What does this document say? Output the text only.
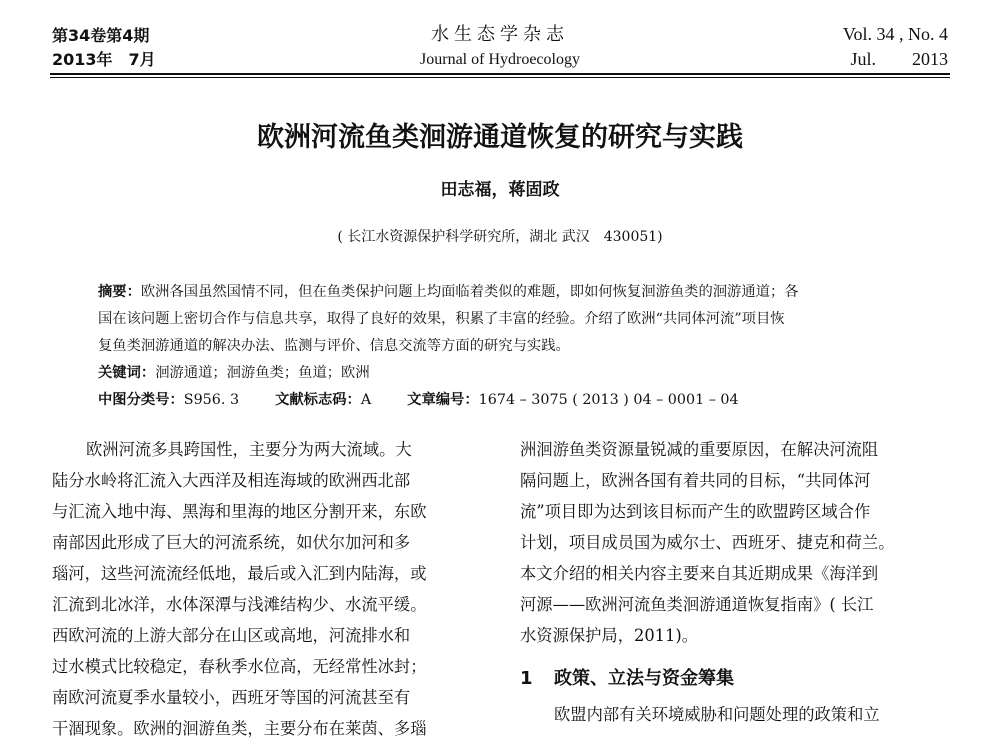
第34卷第4期
2013年　7月
水生态学杂志
Journal of Hydroecology
Vol. 34 , No. 4
Jul.　　2013
欧洲河流鱼类洄游通道恢复的研究与实践
田志福，蒋固政
( 长江水资源保护科学研究所，湖北 武汉　430051)
摘要：欧洲各国虽然国情不同，但在鱼类保护问题上均面临着类似的难题，即如何恢复洄游鱼类的洄游通道；各
国在该问题上密切合作与信息共享，取得了良好的效果，积累了丰富的经验。介绍了欧洲“共同体河流”项目恢
复鱼类洄游通道的解决办法、监测与评价、信息交流等方面的研究与实践。
关键词：洄游通道；洄游鱼类；鱼道；欧洲
中图分类号：S956. 3	文献标志码：A	文章编号：1674 – 3075 ( 2013 ) 04 – 0001 – 04
欧洲河流多具跨国性，主要分为两大流域。大
陆分水岭将汇流入大西洋及相连海域的欧洲西北部
与汇流入地中海、黑海和里海的地区分割开来，东欧
南部因此形成了巨大的河流系统，如伏尔加河和多
瑙河，这些河流流经低地，最后或入汇到内陆海，或
汇流到北冰洋，水体深潭与浅滩结构少、水流平缓。
西欧河流的上游大部分在山区或高地，河流排水和
过水模式比较稳定，春秋季水位高，无经常性冰封；
南欧河流夏季水量较小，西班牙等国的河流甚至有
干涸现象。欧洲的洄游鱼类，主要分布在莱茵、多瑙
洲洄游鱼类资源量锐减的重要原因，在解决河流阻
隔问题上，欧洲各国有着共同的目标，“共同体河
流”项目即为达到该目标而产生的欧盟跨区域合作
计划，项目成员国为威尔士、西班牙、捷克和荷兰。
本文介绍的相关内容主要来自其近期成果《海洋到
河源——欧洲河流鱼类洄游通道恢复指南》( 长江
水资源保护局，2011)。
1 政策、立法与资金筹集
欧盟内部有关环境威胁和问题处理的政策和立
